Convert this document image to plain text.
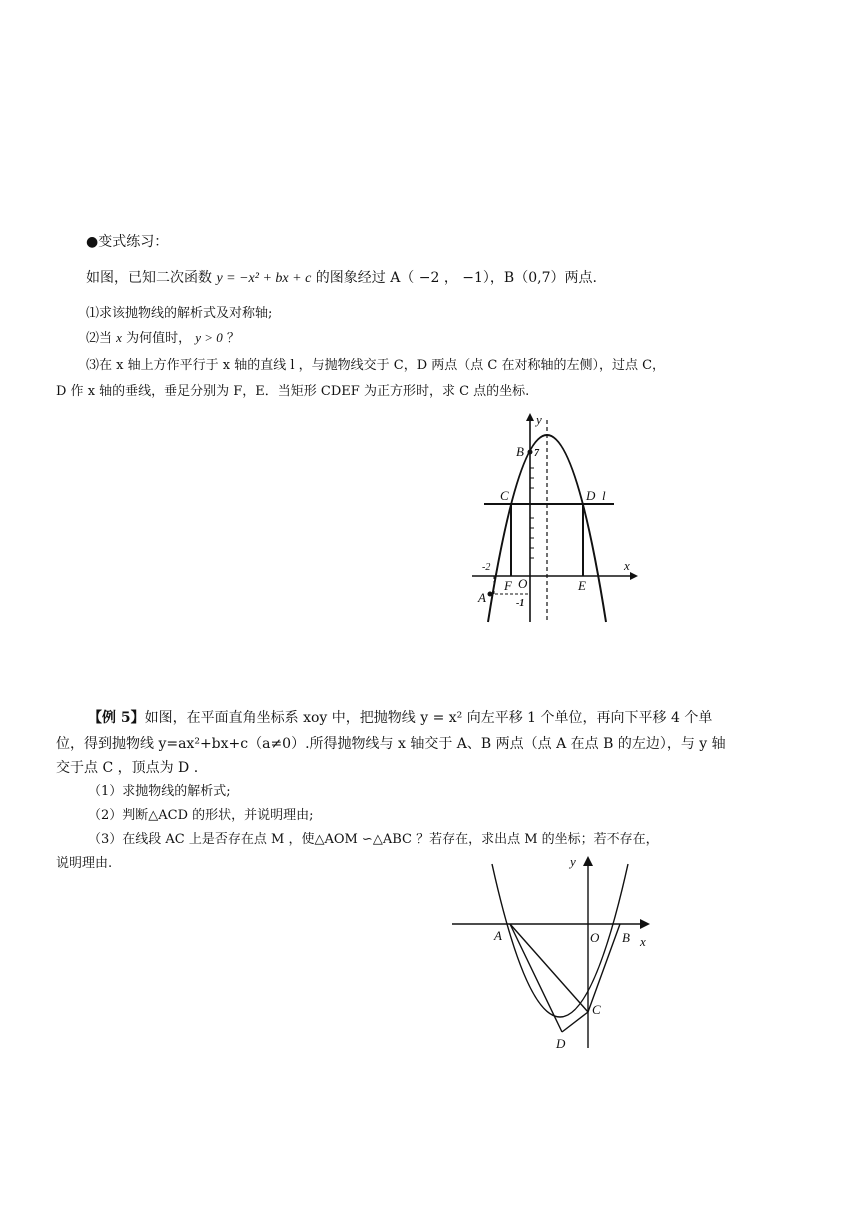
●变式练习：
如图，已知二次函数 y = −x² + bx + c 的图象经过 A（ −2 ， −1），B（0,7）两点.
⑴求该抛物线的解析式及对称轴;
⑵当 x 为何值时， y > 0 ？
⑶在 x 轴上方作平行于 x 轴的直线 l ，与抛物线交于 C，D 两点（点 C 在对称轴的左侧），过点 C，
D 作 x 轴的垂线，垂足分别为 F，E．当矩形 CDEF 为正方形时，求 C 点的坐标.
y
x
B 7
C	D l
-2
F O	E
A	-1
【例 5】如图，在平面直角坐标系 xoy 中，把抛物线 y = x² 向左平移 1 个单位，再向下平移 4 个单
位，得到抛物线 y=ax²+bx+c（a≠0）.所得抛物线与 x 轴交于 A、B 两点（点 A 在点 B 的左边），与 y 轴
交于点 C ，顶点为 D .
（1）求抛物线的解析式;
（2）判断△ACD 的形状，并说明理由;
（3）在线段 AC 上是否存在点 M ，使△AOM ∽△ABC ？若存在，求出点 M 的坐标；若不存在，
说明理由.	y
x
A	O B
C
D
